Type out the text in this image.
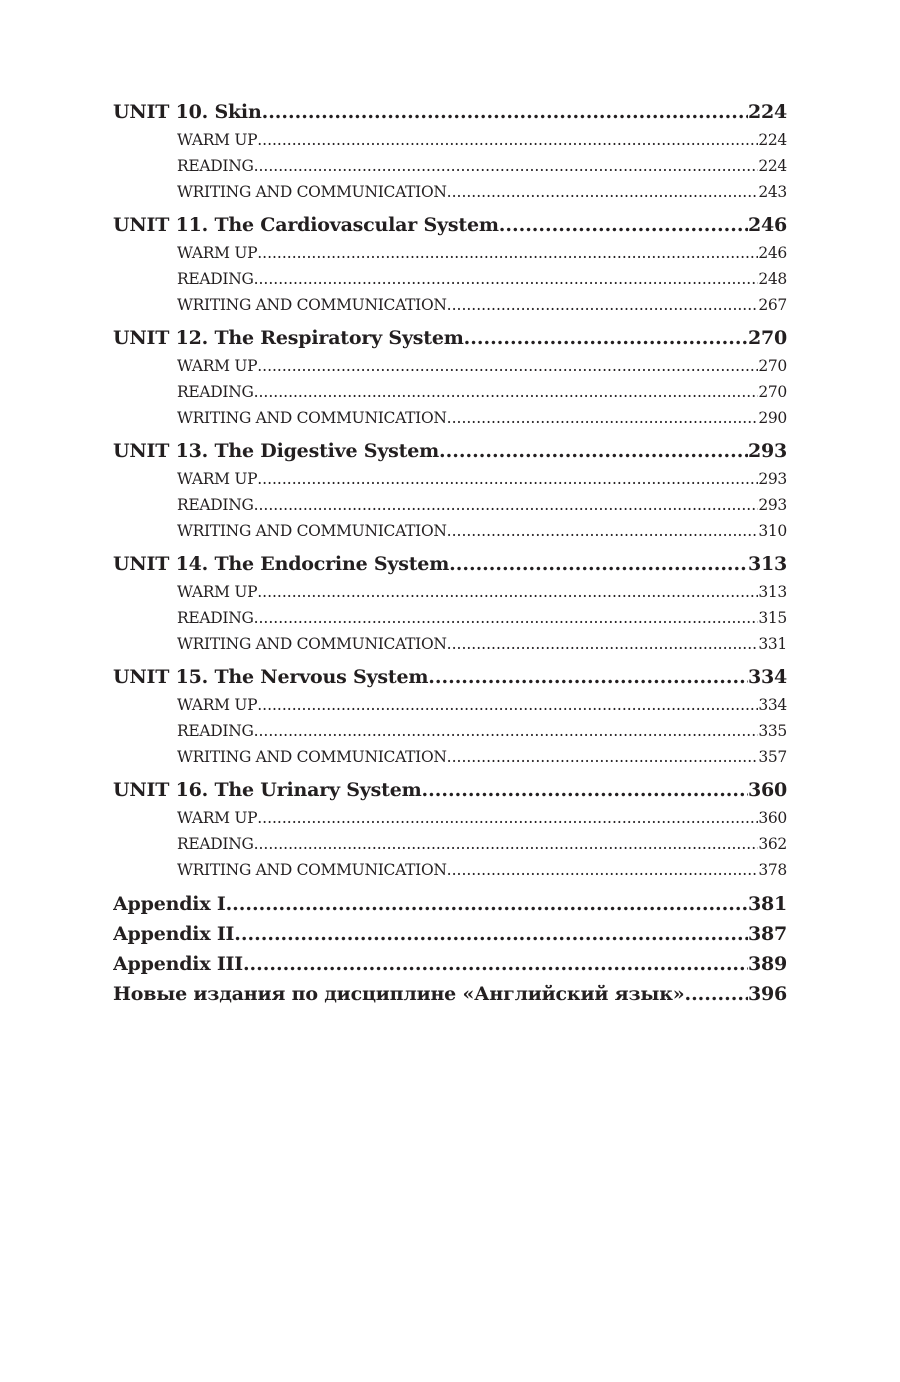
UNIT 10. Skin .....	224
WARM UP .....	224
READING .....	224
WRITING AND COMMUNICATION .....	243
UNIT 11. The Cardiovascular System .....	246
WARM UP .....	246
READING .....	248
WRITING AND COMMUNICATION .....	267
UNIT 12. The Respiratory System .....	270
WARM UP .....	270
READING .....	270
WRITING AND COMMUNICATION .....	290
UNIT 13. The Digestive System .....	293
WARM UP .....	293
READING .....	293
WRITING AND COMMUNICATION .....	310
UNIT 14. The Endocrine System .....	313
WARM UP .....	313
READING .....	315
WRITING AND COMMUNICATION .....	331
UNIT 15. The Nervous System .....	334
WARM UP .....	334
READING .....	335
WRITING AND COMMUNICATION .....	357
UNIT 16. The Urinary System .....	360
WARM UP .....	360
READING .....	362
WRITING AND COMMUNICATION .....	378
Appendix I .....	381
Appendix II .....	387
Appendix III .....	389
Новые издания по дисциплине «Английский язык» .....	396
